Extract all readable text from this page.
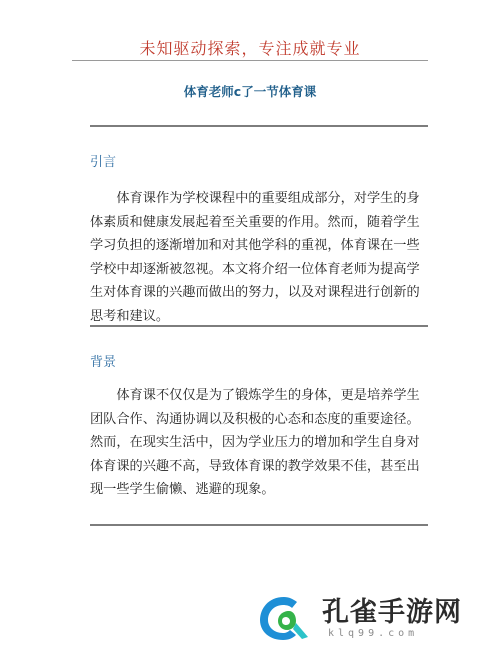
未知驱动探索，专注成就专业
体育老师c了一节体育课
引言

体育课作为学校课程中的重要组成部分，对学生的身体素质和健康发展起着至关重要的作用。然而，随着学生学习负担的逐渐增加和对其他学科的重视，体育课在一些学校中却逐渐被忽视。本文将介绍一位体育老师为提高学生对体育课的兴趣而做出的努力，以及对课程进行创新的思考和建议。

背景

体育课不仅仅是为了锻炼学生的身体，更是培养学生团队合作、沟通协调以及积极的心态和态度的重要途径。然而，在现实生活中，因为学业压力的增加和学生自身对体育课的兴趣不高，导致体育课的教学效果不佳，甚至出现一些学生偷懒、逃避的现象。

孔雀手游网
klq99.com
